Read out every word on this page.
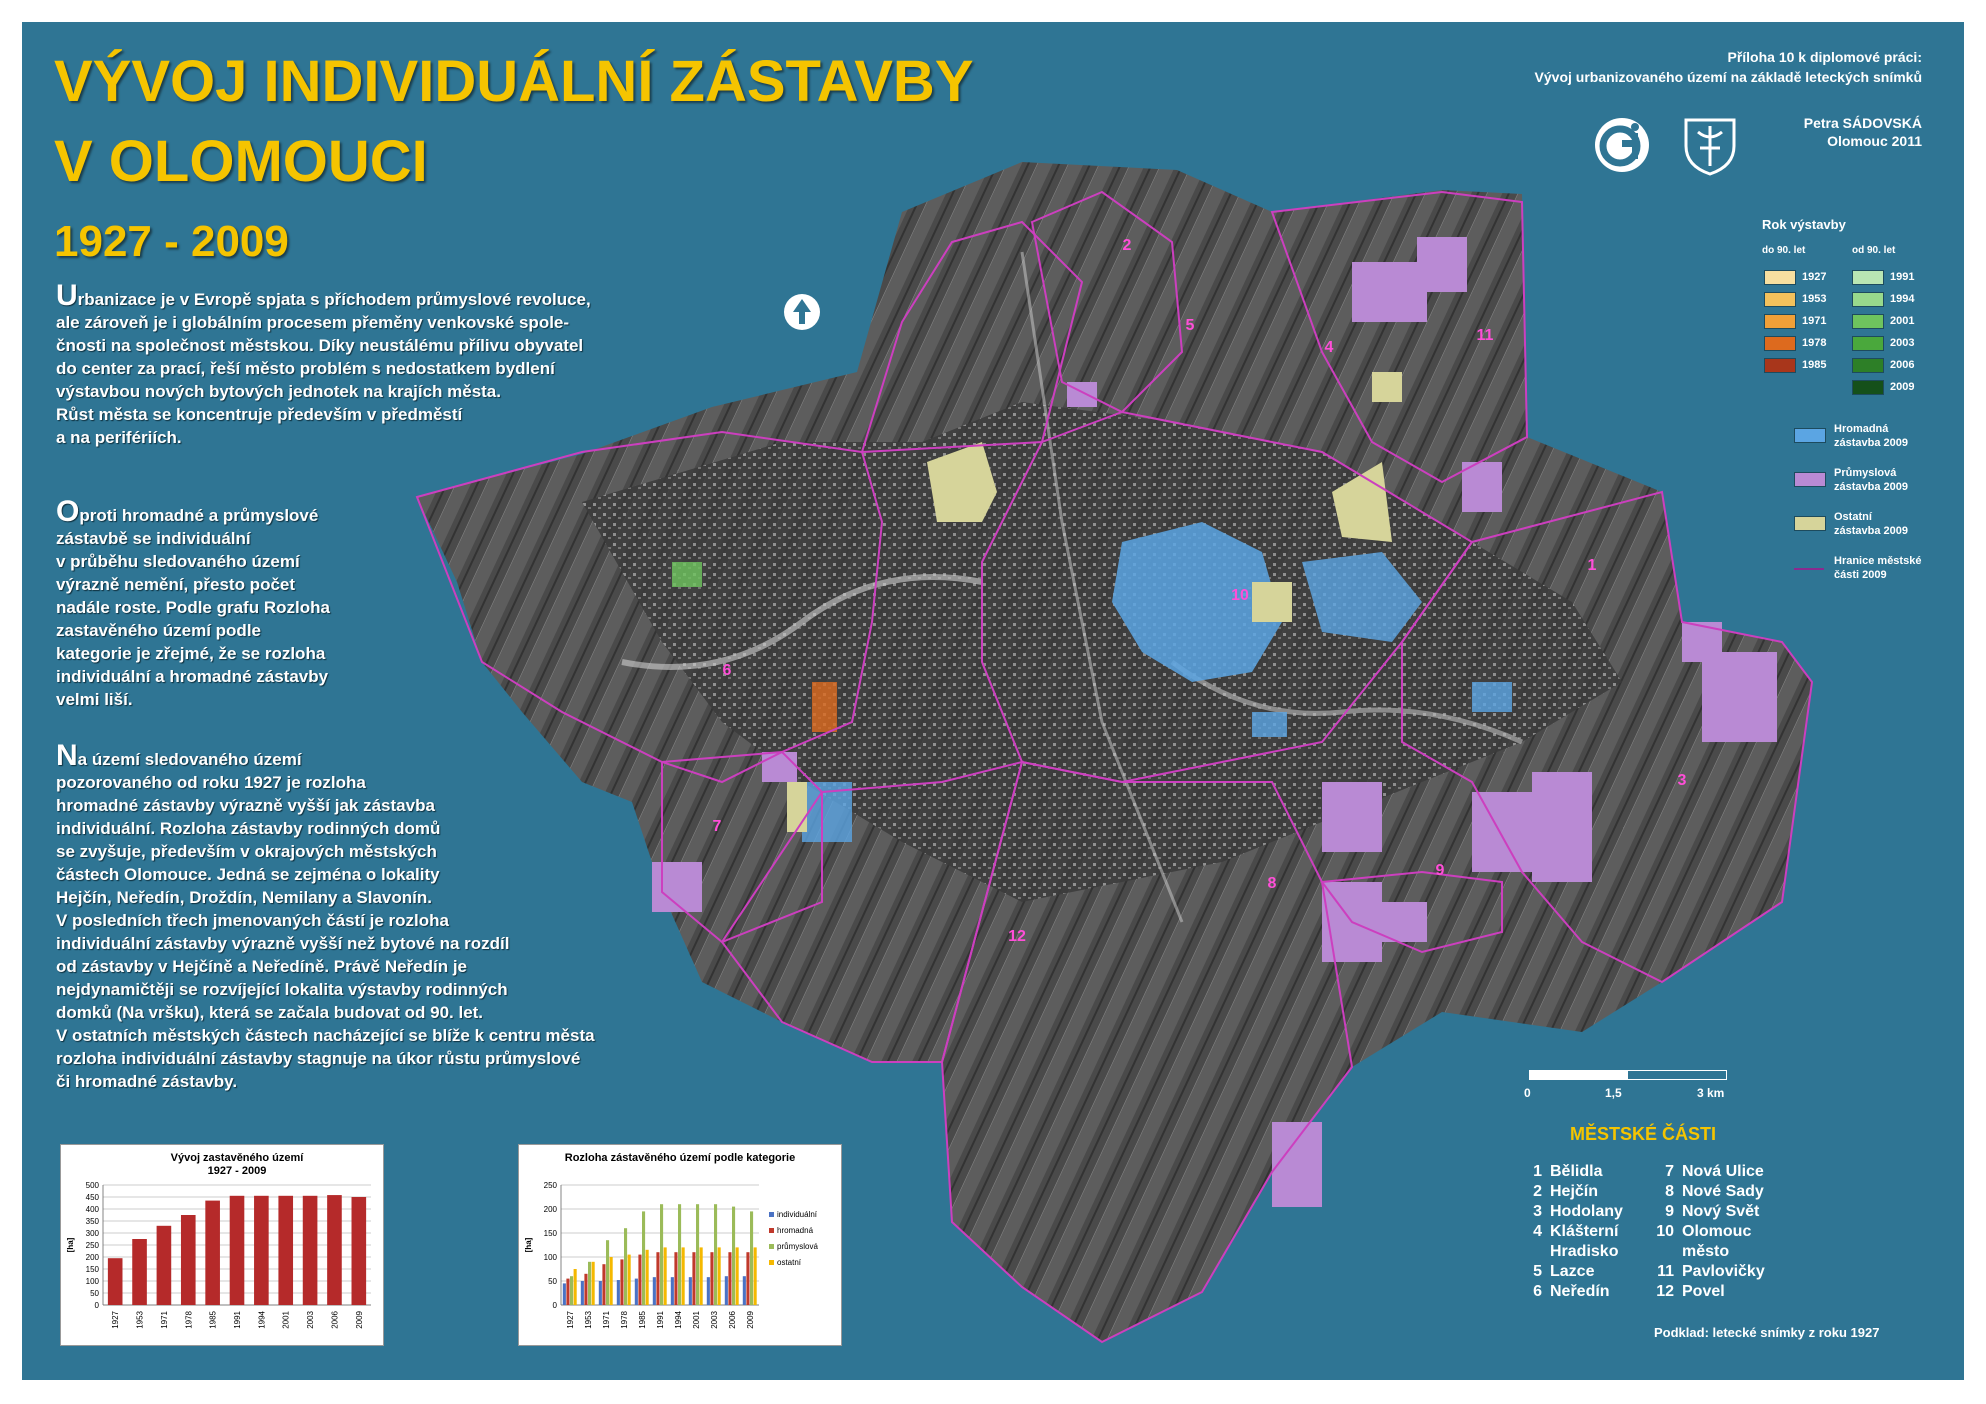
VÝVOJ INDIVIDUÁLNÍ ZÁSTAVBY
V OLOMOUCI
1927 - 2009
Příloha 10 k diplomové práci:
Vývoj urbanizovaného území na základě leteckých snímků
Petra SÁDOVSKÁ
Olomouc 2011
Urbanizace je v Evropě spjata s příchodem průmyslové revoluce,
ale zároveň je i globálním procesem přeměny venkovské spole-
čnosti na společnost městskou. Díky neustálému přílivu obyvatel
do center za prací, řeší město problém s nedostatkem bydlení
výstavbou nových bytových jednotek na krajích města.
Růst města se koncentruje především v předměstí
a na perifériích.
Oproti hromadné a průmyslové
zástavbě se individuální
v průběhu sledovaného území
výrazně nemění, přesto počet
nadále roste. Podle grafu Rozloha
zastavěného území podle
kategorie je zřejmé, že se rozloha
individuální a hromadné zástavby
velmi liší.
Na území sledovaného území
pozorovaného od roku 1927 je rozloha
hromadné zástavby výrazně vyšší jak zástavba
individuální. Rozloha zástavby rodinných domů
se zvyšuje, především v okrajových městských
částech Olomouce. Jedná se zejména o lokality
Hejčín, Neředín, Droždín, Nemilany a Slavonín.
V posledních třech jmenovaných částí je rozloha
individuální zástavby výrazně vyšší než bytové na rozdíl
od zástavby v Hejčíně a Neředíně. Právě Neředín je
nejdynamičtěji se rozvíjející lokalita výstavby rodinných
domků (Na vršku), která se začala budovat od 90. let.
V ostatních městských částech nacházející se blíže k centru města
rozloha individuální zástavby stagnuje na úkor růstu průmyslové
či hromadné zástavby.
1
2
3
4
5
6
7
8
9
10
11
12
Rok výstavby
do 90. let	od 90. let
0	1,5	3 km
MĚSTSKÉ ČÁSTI
1 Bělidla
2 Hejčín
3 Hodolany
4 Klášterní
Hradisko
5 Lazce
6 Neředín
7 Nová Ulice
8 Nové Sady
9 Nový Svět
10 Olomouc
město
11 Pavlovičky
12 Povel
Podklad: letecké snímky z roku 1927
Vývoj zastavěného území
1927 - 2009
0
50
100
150
200
250
300
350
400
450
500
[ha]
1927 1953 1971 1978 1985 1991 1994 2001 2003 2006 2009
Rozloha zástavěného území podle kategorie
0
50
100
150
200
250
[ha]
1927 1953 1971 1978 1985 1991 1994 2001 2003 2006 2009
individuální
hromadná
průmyslová
ostatní
1927
1953
1971
1978
1985
1991
1994
2001
2003
2006
2009
Hromadná
zástavba 2009
Průmyslová
zástavba 2009
Ostatní
zástavba 2009
Hranice městské
části 2009
